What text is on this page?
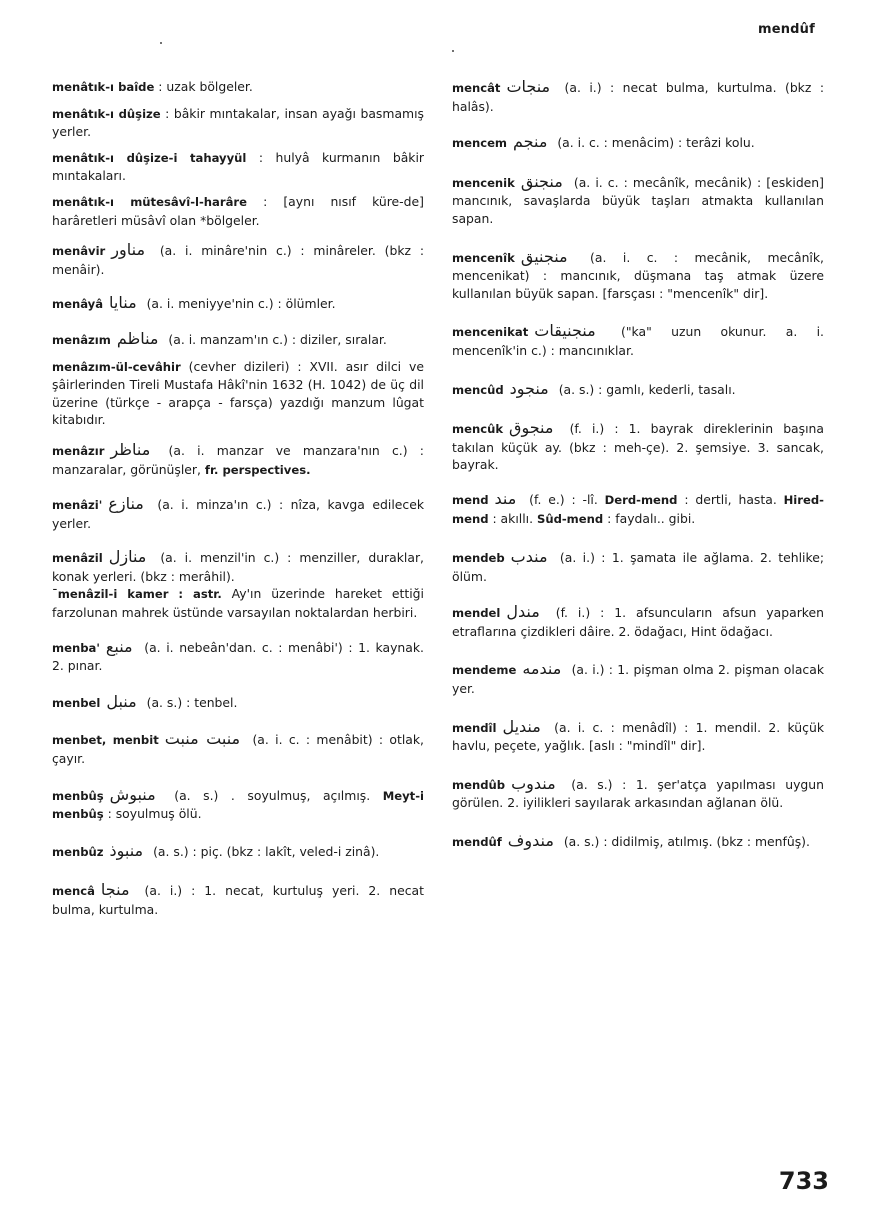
mendûf

menâtık-ı baîde : uzak bölgeler.

menâtık-ı dûşize : bâkir mıntakalar, insan ayağı basmamış yerler.

menâtık-ı dûşize-i tahayyül : hulyâ kurmanın bâkir mıntakaları.

menâtık-ı mütesâvî-l-harâre : [aynı nısıf küre-de] harâretleri müsâvî olan *bölgeler.

menâvir مناور (a. i. minâre'nin c.) : minâreler. (bkz : menâir).

menâyâ منايا (a. i. meniyye'nin c.) : ölümler.

menâzım مناظم (a. i. manzam'ın c.) : diziler, sıralar.

menâzım-ül-cevâhir (cevher dizileri) : XVII. asır dilci ve şâirlerinden Tireli Mustafa Hâkî'nin 1632 (H. 1042) de üç dil üzerine (türkçe - arapça - farsça) yazdığı manzum lûgat kitabıdır.

menâzır مناظر (a. i. manzar ve manzara'nın c.) : manzaralar, görünüşler, fr. perspectives.

menâzi' منازع (a. i. minza'ın c.) : nîza, kavga edilecek yerler.

menâzil منازل (a. i. menzil'in c.) : menziller, duraklar, konak yerleri. (bkz : merâhil).
¯menâzil-i kamer : astr. Ay'ın üzerinde hareket ettiği farzolunan mahrek üstünde varsayılan noktalardan herbiri.

menba' منبع (a. i. nebeân'dan. c. : menâbi') : 1. kaynak. 2. pınar.

menbel منبل (a. s.) : tenbel.

menbet, menbit منبت منبت (a. i. c. : menâbit) : otlak, çayır.

menbûş منبوش (a. s.) . soyulmuş, açılmış. Meyt-i menbûş : soyulmuş ölü.

menbûz منبوذ (a. s.) : piç. (bkz : lakît, veled-i zinâ).

mencâ منجا (a. i.) : 1. necat, kurtuluş yeri. 2. necat bulma, kurtulma.

mencât منجات (a. i.) : necat bulma, kurtulma. (bkz : halâs).

mencem منجم (a. i. c. : menâcim) : terâzi kolu.

mencenik منجنق (a. i. c. : mecânîk, mecânik) : [eskiden] mancınık, savaşlarda büyük taşları atmakta kullanılan sapan.

mencenîk منجنيق (a. i. c. : mecânik, mecânîk, mencenikat) : mancınık, düşmana taş atmak üzere kullanılan büyük sapan. [farsçası : "mencenîk" dir].

mencenikat منجنيقات ("ka" uzun okunur. a. i. mencenîk'in c.) : mancınıklar.

mencûd منجود (a. s.) : gamlı, kederli, tasalı.

mencûk منجوق (f. i.) : 1. bayrak direklerinin başına takılan küçük ay. (bkz : meh-çe). 2. şemsiye. 3. sancak, bayrak.

mend مند (f. e.) : -lî. Derd-mend : dertli, hasta. Hired-mend : akıllı. Sûd-mend : faydalı.. gibi.

mendeb مندب (a. i.) : 1. şamata ile ağlama. 2. tehlike; ölüm.

mendel مندل (f. i.) : 1. afsuncuların afsun yaparken etraflarına çizdikleri dâire. 2. ödağacı, Hint ödağacı.

mendeme مندمه (a. i.) : 1. pişman olma 2. pişman olacak yer.

mendîl منديل (a. i. c. : menâdîl) : 1. mendil. 2. küçük havlu, peçete, yağlık. [aslı : "mindîl" dir].

mendûb مندوب (a. s.) : 1. şer'atça yapılması uygun görülen. 2. iyilikleri sayılarak arkasından ağlanan ölü.

mendûf مندوف (a. s.) : didilmiş, atılmış. (bkz : menfûş).

733
